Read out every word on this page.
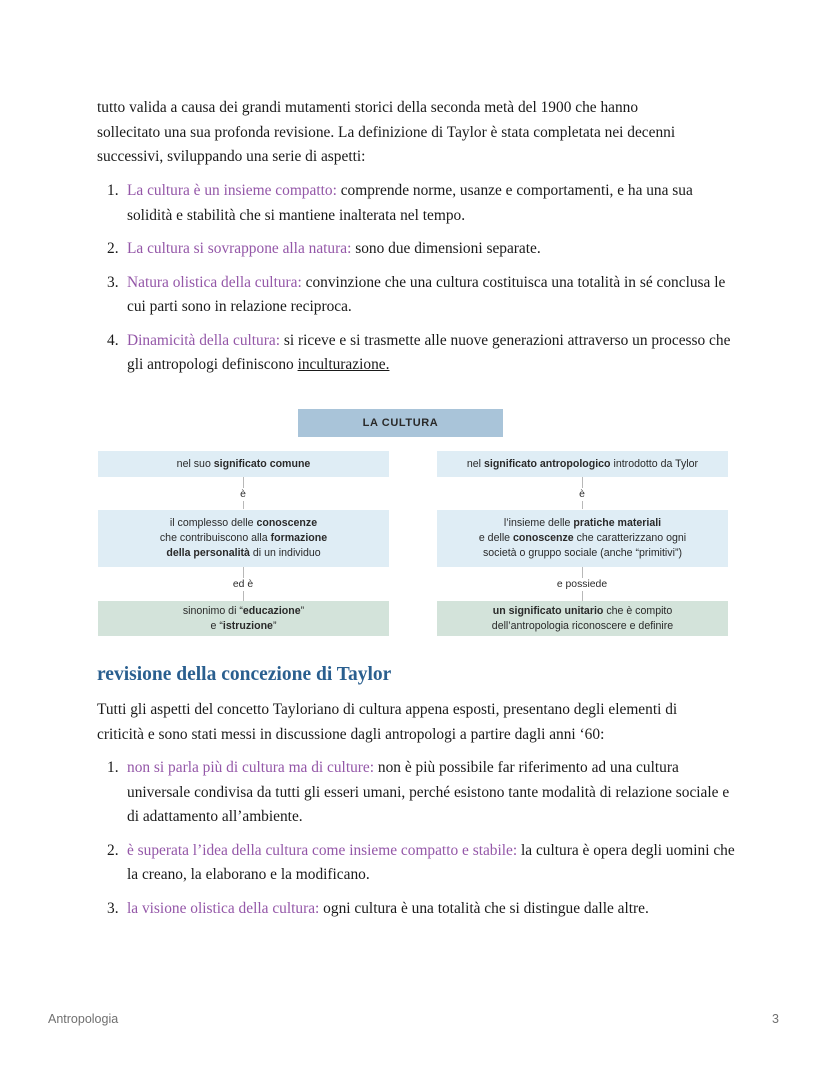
tutto valida a causa dei grandi mutamenti storici della seconda metà del 1900 che hanno
sollecitato una sua profonda revisione. La definizione di Taylor è stata completata nei decenni
successivi, sviluppando una serie di aspetti:
1. La cultura è un insieme compatto: comprende norme, usanze e comportamenti, e ha una sua solidità e stabilità che si mantiene inalterata nel tempo.
2. La cultura si sovrappone alla natura: sono due dimensioni separate.
3. Natura olistica della cultura: convinzione che una cultura costituisca una totalità in sé conclusa le cui parti sono in relazione reciproca.
4. Dinamicità della cultura: si riceve e si trasmette alle nuove generazioni attraverso un processo che gli antropologi definiscono inculturazione.
LA CULTURA
nel suo significato comune
è
il complesso delle conoscenze
che contribuiscono alla formazione
della personalità di un individuo
ed è
sinonimo di “educazione”
e “istruzione”
nel significato antropologico introdotto da Tylor
è
l’insieme delle pratiche materiali
e delle conoscenze che caratterizzano ogni
società o gruppo sociale (anche “primitivi”)
e possiede
un significato unitario che è compito
dell’antropologia riconoscere e definire
revisione della concezione di Taylor
Tutti gli aspetti del concetto Tayloriano di cultura appena esposti, presentano degli elementi di
criticità e sono stati messi in discussione dagli antropologi a partire dagli anni ‘60:
1. non si parla più di cultura ma di culture: non è più possibile far riferimento ad una cultura universale condivisa da tutti gli esseri umani, perché esistono tante modalità di relazione sociale e di adattamento all’ambiente.
2. è superata l’idea della cultura come insieme compatto e stabile: la cultura è opera degli uomini che la creano, la elaborano e la modificano.
3. la visione olistica della cultura: ogni cultura è una totalità che si distingue dalle altre.
Antropologia	3
